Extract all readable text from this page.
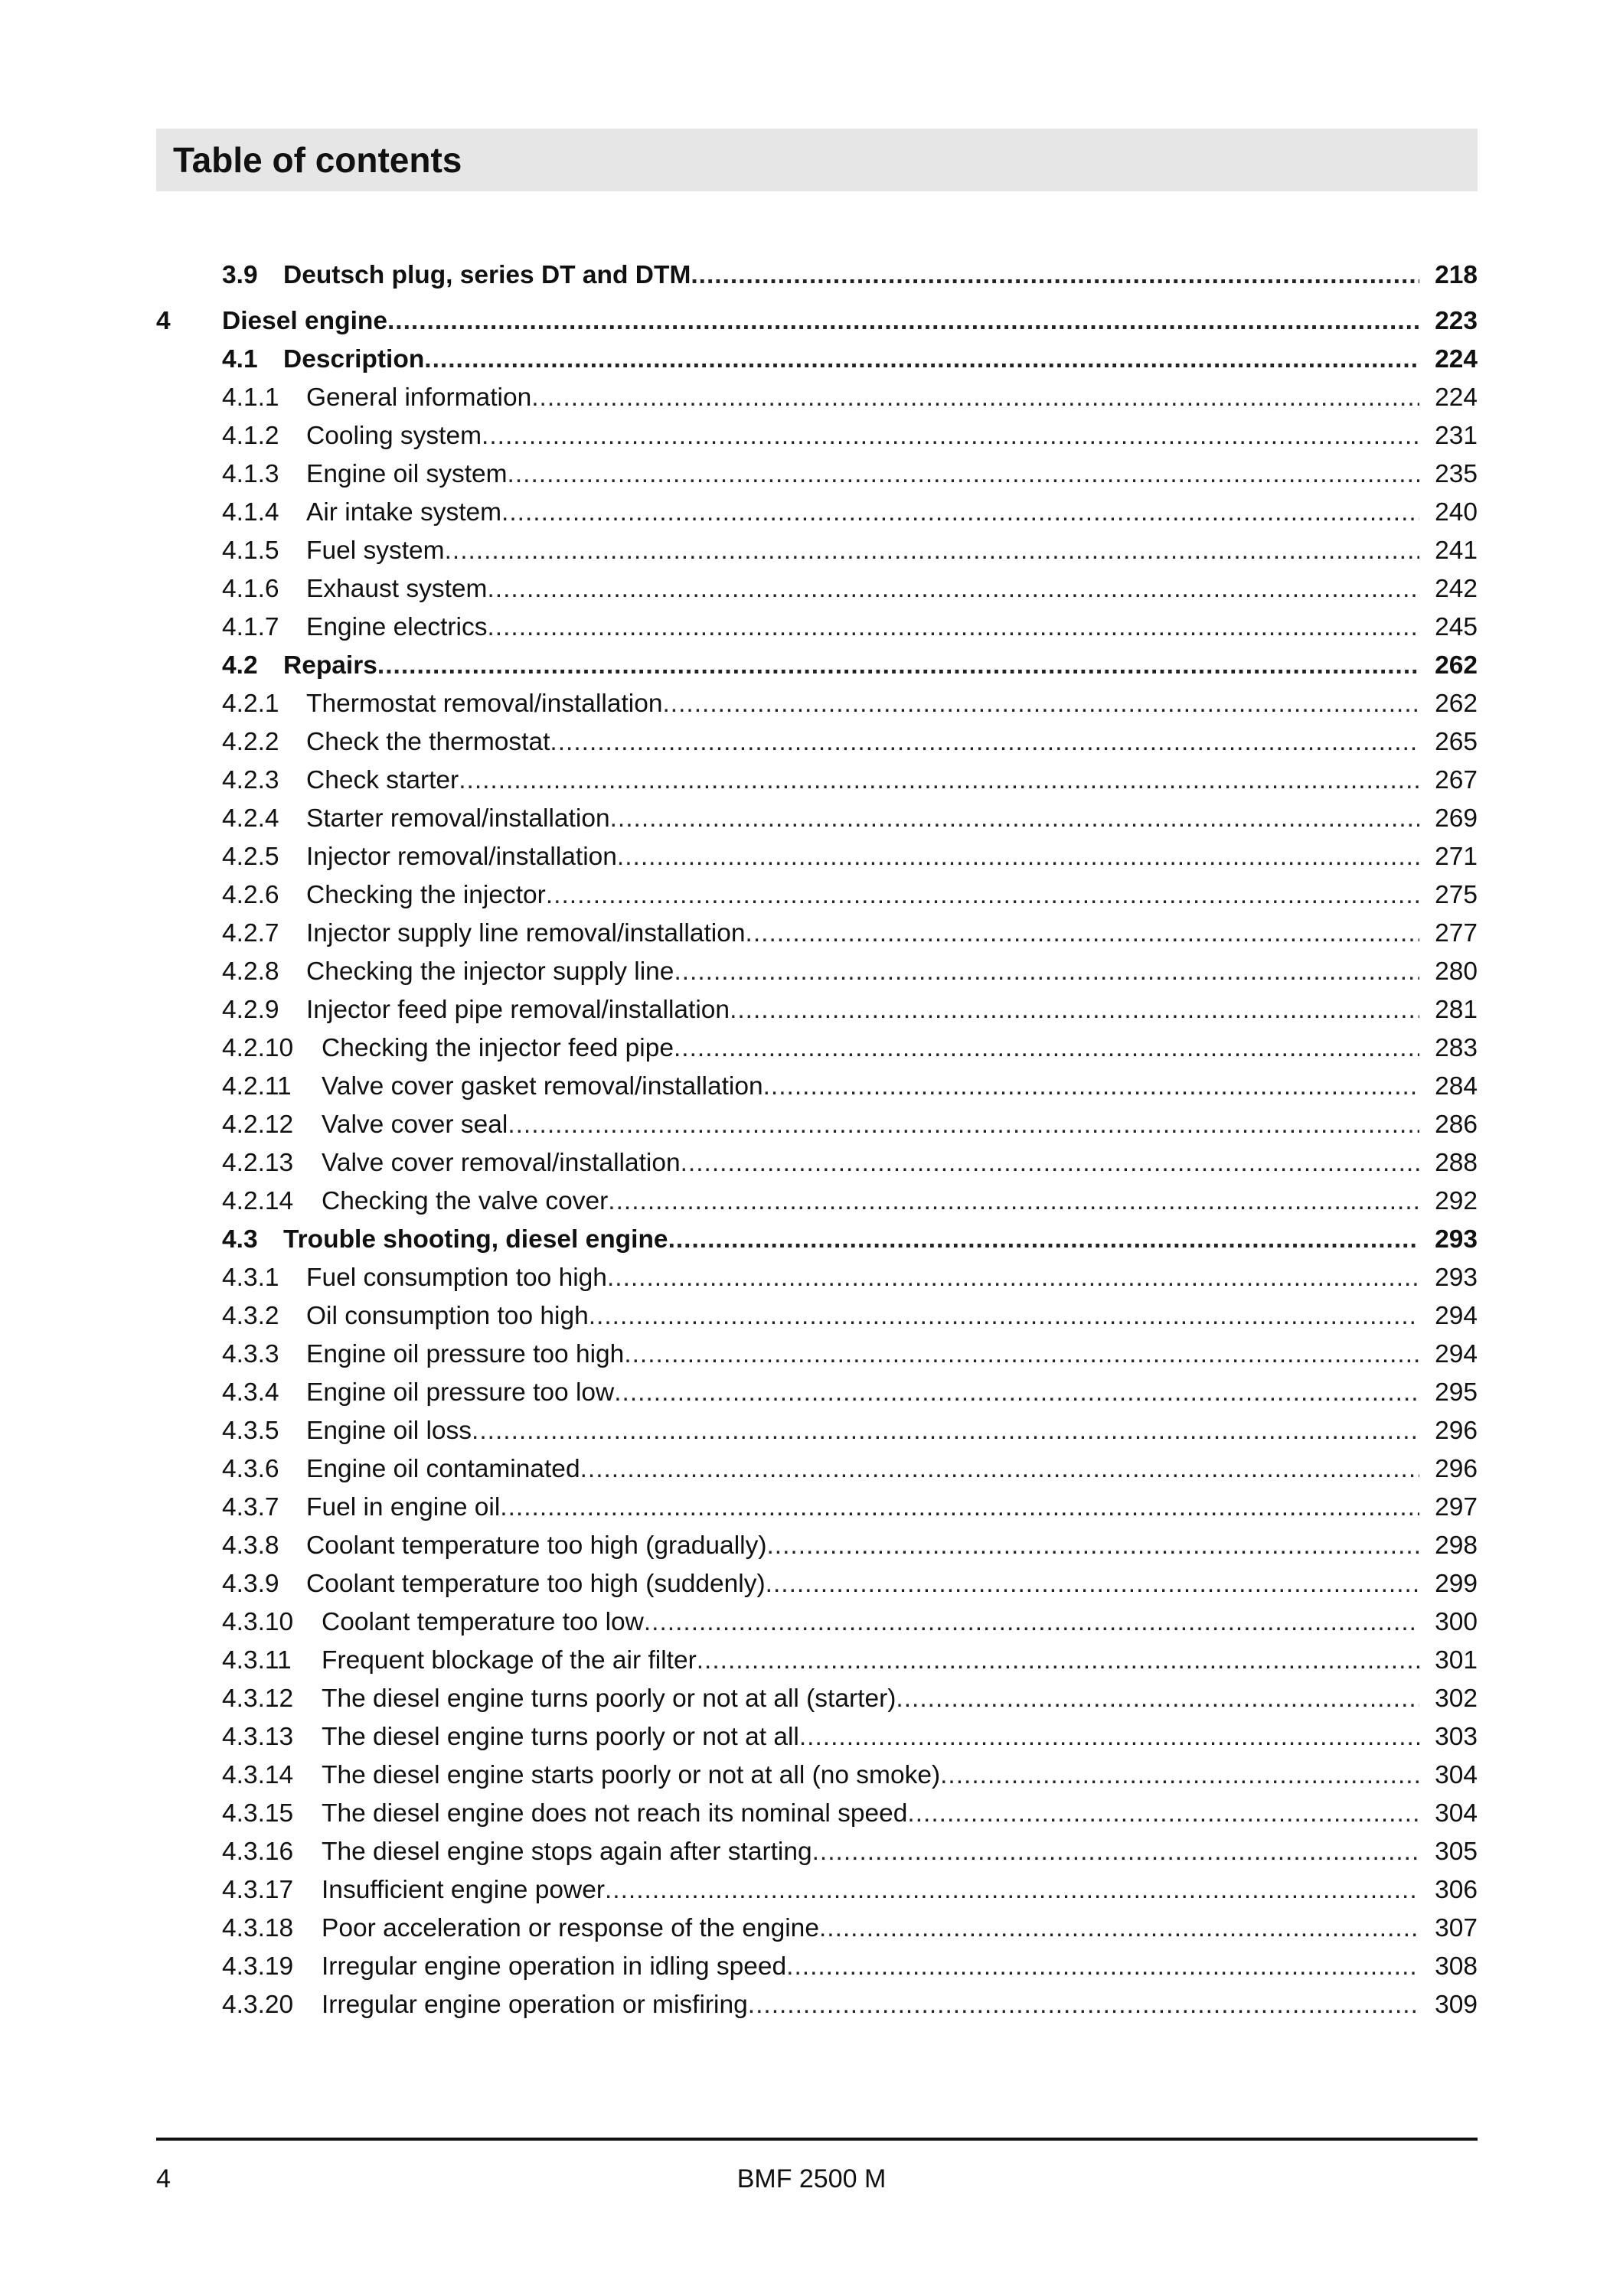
Table of contents
3.9 Deutsch plug, series DT and DTM .....	218
4 Diesel engine .....	223
4.1 Description .....	224
4.1.1	General information .....	224
4.1.2	Cooling system .....	231
4.1.3	Engine oil system .....	235
4.1.4	Air intake system .....	240
4.1.5	Fuel system .....	241
4.1.6	Exhaust system .....	242
4.1.7	Engine electrics .....	245
4.2 Repairs .....	262
4.2.1	Thermostat removal/installation .....	262
4.2.2	Check the thermostat .....	265
4.2.3	Check starter .....	267
4.2.4	Starter removal/installation .....	269
4.2.5	Injector removal/installation .....	271
4.2.6	Checking the injector .....	275
4.2.7	Injector supply line removal/installation .....	277
4.2.8	Checking the injector supply line .....	280
4.2.9	Injector feed pipe removal/installation .....	281
4.2.10	Checking the injector feed pipe .....	283
4.2.11	Valve cover gasket removal/installation .....	284
4.2.12	Valve cover seal .....	286
4.2.13	Valve cover removal/installation .....	288
4.2.14	Checking the valve cover .....	292
4.3 Trouble shooting, diesel engine .....	293
4.3.1	Fuel consumption too high .....	293
4.3.2	Oil consumption too high .....	294
4.3.3	Engine oil pressure too high .....	294
4.3.4	Engine oil pressure too low .....	295
4.3.5	Engine oil loss .....	296
4.3.6	Engine oil contaminated .....	296
4.3.7	Fuel in engine oil .....	297
4.3.8	Coolant temperature too high (gradually) .....	298
4.3.9	Coolant temperature too high (suddenly) .....	299
4.3.10	Coolant temperature too low .....	300
4.3.11	Frequent blockage of the air filter .....	301
4.3.12	The diesel engine turns poorly or not at all (starter) .....	302
4.3.13	The diesel engine turns poorly or not at all .....	303
4.3.14	The diesel engine starts poorly or not at all (no smoke) .....	304
4.3.15	The diesel engine does not reach its nominal speed .....	304
4.3.16	The diesel engine stops again after starting .....	305
4.3.17	Insufficient engine power .....	306
4.3.18	Poor acceleration or response of the engine .....	307
4.3.19	Irregular engine operation in idling speed .....	308
4.3.20	Irregular engine operation or misfiring .....	309
4	BMF 2500 M
